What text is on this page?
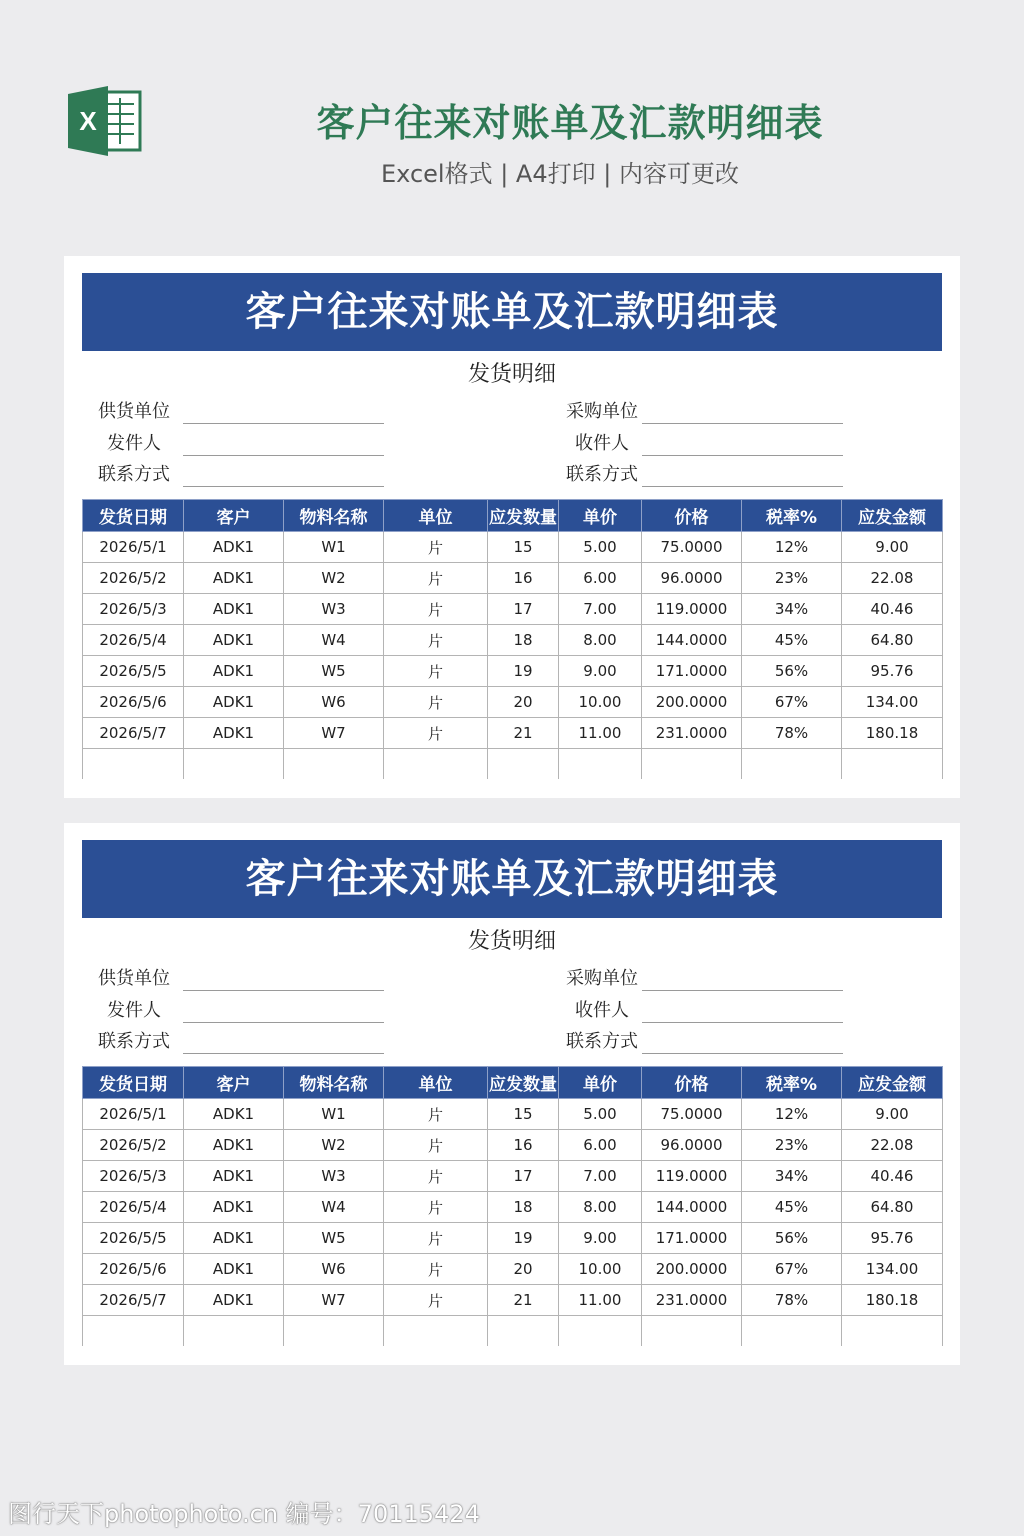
X	客户往来对账单及汇款明细表
Excel格式 | A4打印 | 内容可更改
客户往来对账单及汇款明细表
发货明细
供货单位
发件人
联系方式
采购单位
收件人
联系方式
发货日期	客户	物料名称	单位	应发数量	单价	价格	税率%	应发金额
2026/5/1	ADK1	W1	片	15	5.00	75.0000	12%	9.00
2026/5/2	ADK1	W2	片	16	6.00	96.0000	23%	22.08
2026/5/3	ADK1	W3	片	17	7.00	119.0000	34%	40.46
2026/5/4	ADK1	W4	片	18	8.00	144.0000	45%	64.80
2026/5/5	ADK1	W5	片	19	9.00	171.0000	56%	95.76
2026/5/6	ADK1	W6	片	20	10.00	200.0000	67%	134.00
2026/5/7	ADK1	W7	片	21	11.00	231.0000	78%	180.18

客户往来对账单及汇款明细表
发货明细
供货单位
发件人
联系方式
采购单位
收件人
联系方式
发货日期	客户	物料名称	单位	应发数量	单价	价格	税率%	应发金额
2026/5/1	ADK1	W1	片	15	5.00	75.0000	12%	9.00
2026/5/2	ADK1	W2	片	16	6.00	96.0000	23%	22.08
2026/5/3	ADK1	W3	片	17	7.00	119.0000	34%	40.46
2026/5/4	ADK1	W4	片	18	8.00	144.0000	45%	64.80
2026/5/5	ADK1	W5	片	19	9.00	171.0000	56%	95.76
2026/5/6	ADK1	W6	片	20	10.00	200.0000	67%	134.00
2026/5/7	ADK1	W7	片	21	11.00	231.0000	78%	180.18

图行天下photophoto.cn 编号：70115424
